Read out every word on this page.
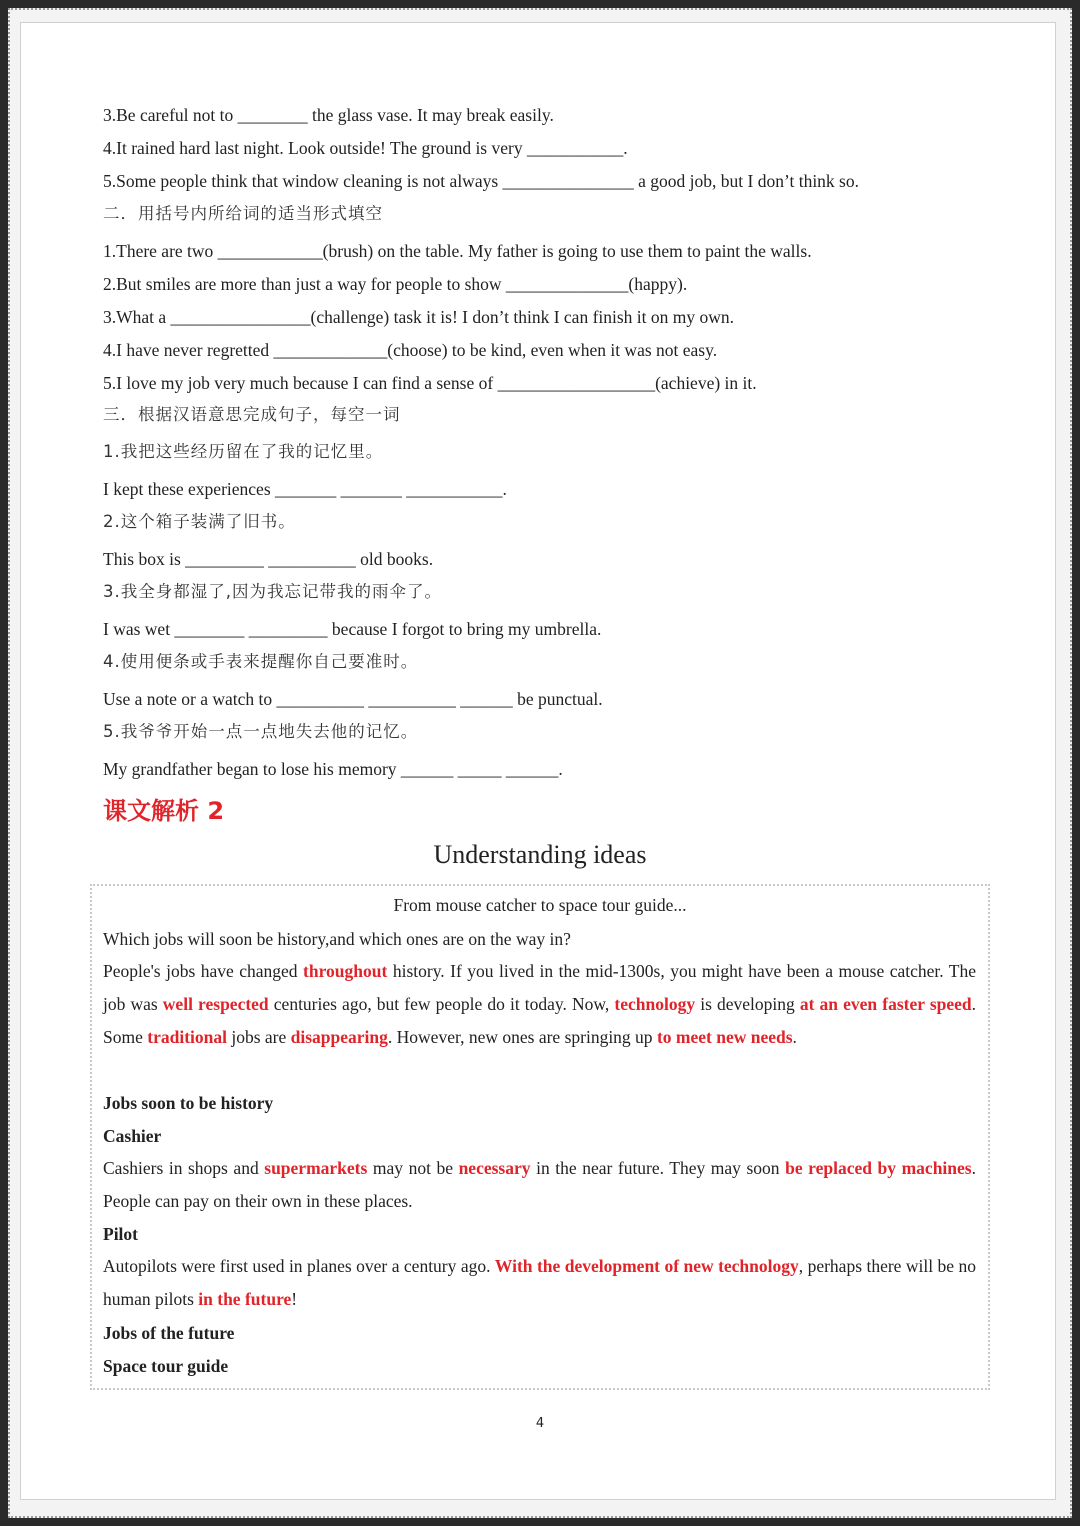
3.Be careful not to ________ the glass vase. It may break easily.
4.It rained hard last night. Look outside! The ground is very ___________.
5.Some people think that window cleaning is not always _______________ a good job, but I don’t think so.
二．用括号内所给词的适当形式填空
1.There are two ____________(brush) on the table. My father is going to use them to paint the walls.
2.But smiles are more than just a way for people to show ______________(happy).
3.What a ________________(challenge) task it is! I don’t think I can finish it on my own.
4.I have never regretted _____________(choose) to be kind, even when it was not easy.
5.I love my job very much because I can find a sense of __________________(achieve) in it.
三．根据汉语意思完成句子，每空一词
1.我把这些经历留在了我的记忆里。
I kept these experiences _______ _______ ___________.
2.这个箱子装满了旧书。
This box is _________ __________ old books.
3.我全身都湿了,因为我忘记带我的雨伞了。
I was wet ________ _________ because I forgot to bring my umbrella.
4.使用便条或手表来提醒你自己要准时。
Use a note or a watch to __________ __________ ______ be punctual.
5.我爷爷开始一点一点地失去他的记忆。
My grandfather began to lose his memory ______ _____ ______.
课文解析 2
Understanding ideas
From mouse catcher to space tour guide...
Which jobs will soon be history,and which ones are on the way in?
People's jobs have changed throughout history. If you lived in the mid-1300s, you might have been a mouse catcher. The job was well respected centuries ago, but few people do it today. Now, technology is developing at an even faster speed. Some traditional jobs are disappearing. However, new ones are springing up to meet new needs.
Jobs soon to be history
Cashier
Cashiers in shops and supermarkets may not be necessary in the near future. They may soon be replaced by machines. People can pay on their own in these places.
Pilot
Autopilots were first used in planes over a century ago. With the development of new technology, perhaps there will be no human pilots in the future!
Jobs of the future
Space tour guide
4
